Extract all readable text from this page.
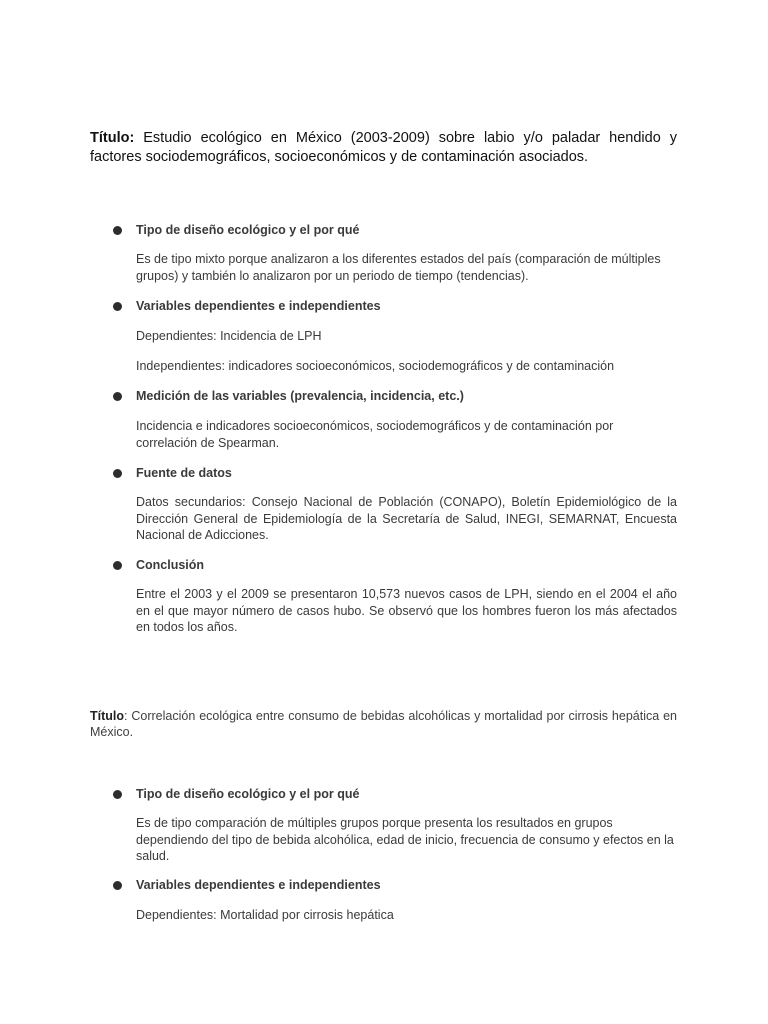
Título: Estudio ecológico en México (2003-2009) sobre labio y/o paladar hendido y factores sociodemográficos, socioeconómicos y de contaminación asociados.

Tipo de diseño ecológico y el por qué

Es de tipo mixto porque analizaron a los diferentes estados del país (comparación de múltiples grupos) y también lo analizaron por un periodo de tiempo (tendencias).

Variables dependientes e independientes

Dependientes: Incidencia de LPH

Independientes: indicadores socioeconómicos, sociodemográficos y de contaminación

Medición de las variables (prevalencia, incidencia, etc.)

Incidencia e indicadores socioeconómicos, sociodemográficos y de contaminación por correlación de Spearman.

Fuente de datos

Datos secundarios: Consejo Nacional de Población (CONAPO), Boletín Epidemiológico de la Dirección General de Epidemiología de la Secretaría de Salud, INEGI, SEMARNAT, Encuesta Nacional de Adicciones.

Conclusión

Entre el 2003 y el 2009 se presentaron 10,573 nuevos casos de LPH, siendo en el 2004 el año en el que mayor número de casos hubo. Se observó que los hombres fueron los más afectados en todos los años.

Título: Correlación ecológica entre consumo de bebidas alcohólicas y mortalidad por cirrosis hepática en México.

Tipo de diseño ecológico y el por qué

Es de tipo comparación de múltiples grupos porque presenta los resultados en grupos dependiendo del tipo de bebida alcohólica, edad de inicio, frecuencia de consumo y efectos en la salud.

Variables dependientes e independientes

Dependientes: Mortalidad por cirrosis hepática
